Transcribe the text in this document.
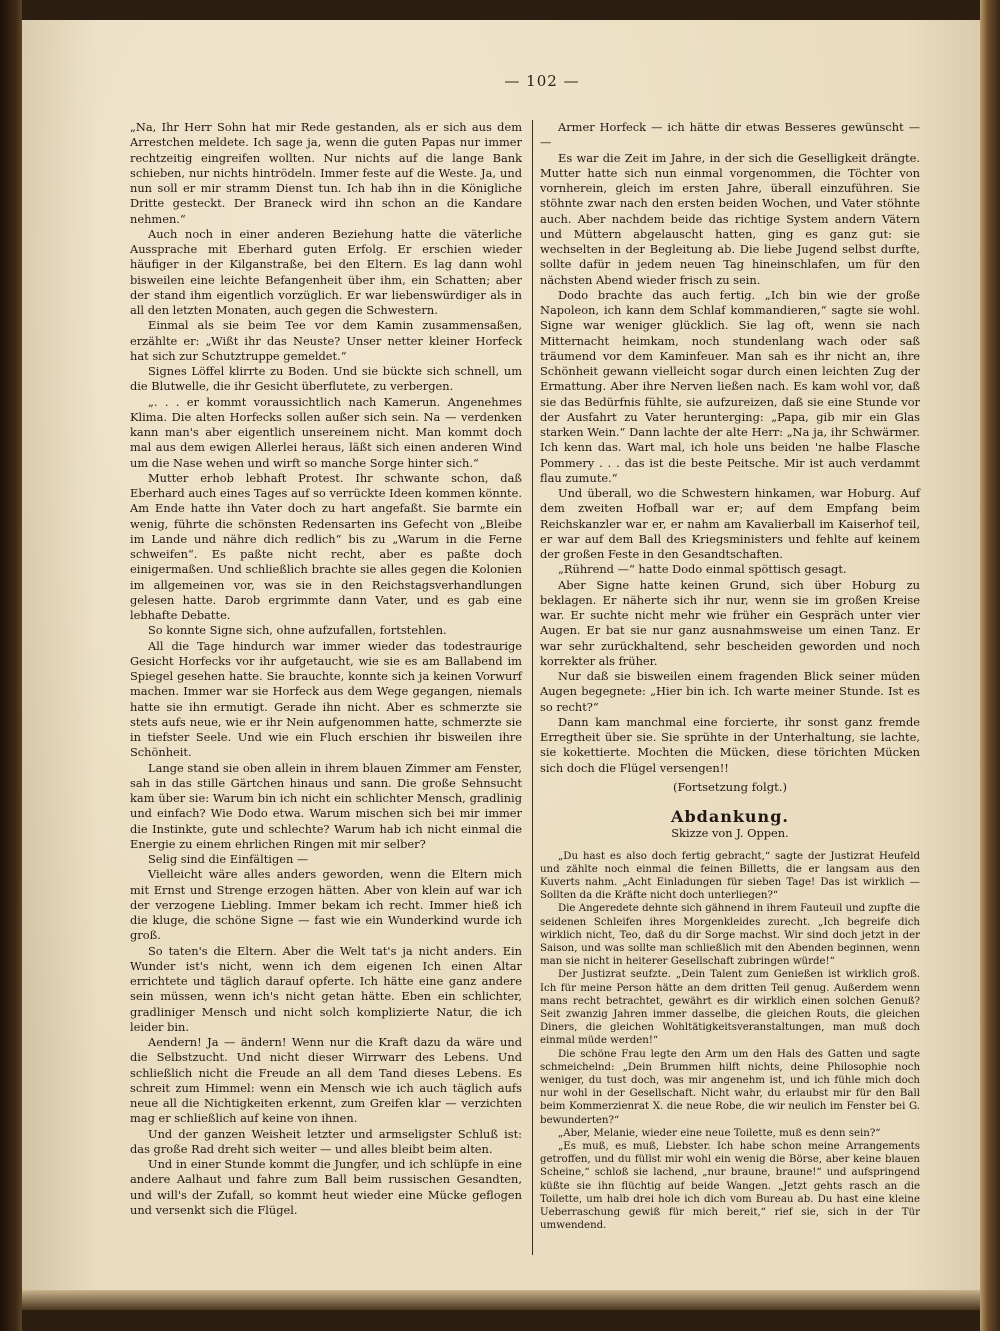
— 102 —

„Na, Ihr Herr Sohn hat mir Rede gestanden, als er sich aus dem Arrestchen meldete. Ich sage ja, wenn die guten Papas nur immer rechtzeitig eingreifen wollten. Nur nichts auf die lange Bank schieben, nur nichts hintrödeln. Immer feste auf die Weste. Ja, und nun soll er mir stramm Dienst tun. Ich hab ihn in die Königliche Dritte gesteckt. Der Braneck wird ihn schon an die Kandare nehmen.“

Auch noch in einer anderen Beziehung hatte die väterliche Aussprache mit Eberhard guten Erfolg. Er erschien wieder häufiger in der Kilganstraße, bei den Eltern. Es lag dann wohl bisweilen eine leichte Befangenheit über ihm, ein Schatten; aber der stand ihm eigentlich vorzüglich. Er war liebenswürdiger als in all den letzten Monaten, auch gegen die Schwestern.

Einmal als sie beim Tee vor dem Kamin zusammensaßen, erzählte er: „Wißt ihr das Neuste? Unser netter kleiner Horfeck hat sich zur Schutztruppe gemeldet.“

Signes Löffel klirrte zu Boden. Und sie bückte sich schnell, um die Blutwelle, die ihr Gesicht überflutete, zu verbergen.

„. . . er kommt voraussichtlich nach Kamerun. Angenehmes Klima. Die alten Horfecks sollen außer sich sein. Na — verdenken kann man's aber eigentlich unsereinem nicht. Man kommt doch mal aus dem ewigen Allerlei heraus, läßt sich einen anderen Wind um die Nase wehen und wirft so manche Sorge hinter sich.“

Mutter erhob lebhaft Protest. Ihr schwante schon, daß Eberhard auch eines Tages auf so verrückte Ideen kommen könnte. Am Ende hatte ihn Vater doch zu hart angefaßt. Sie barmte ein wenig, führte die schönsten Redensarten ins Gefecht von „Bleibe im Lande und nähre dich redlich“ bis zu „Warum in die Ferne schweifen“. Es paßte nicht recht, aber es paßte doch einigermaßen. Und schließlich brachte sie alles gegen die Kolonien im allgemeinen vor, was sie in den Reichstagsverhandlungen gelesen hatte. Darob ergrimmte dann Vater, und es gab eine lebhafte Debatte.

So konnte Signe sich, ohne aufzufallen, fortstehlen.

All die Tage hindurch war immer wieder das todestraurige Gesicht Horfecks vor ihr aufgetaucht, wie sie es am Ballabend im Spiegel gesehen hatte. Sie brauchte, konnte sich ja keinen Vorwurf machen. Immer war sie Horfeck aus dem Wege gegangen, niemals hatte sie ihn ermutigt. Gerade ihn nicht. Aber es schmerzte sie stets aufs neue, wie er ihr Nein aufgenommen hatte, schmerzte sie in tiefster Seele. Und wie ein Fluch erschien ihr bisweilen ihre Schönheit.

Lange stand sie oben allein in ihrem blauen Zimmer am Fenster, sah in das stille Gärtchen hinaus und sann. Die große Sehnsucht kam über sie: Warum bin ich nicht ein schlichter Mensch, gradlinig und einfach? Wie Dodo etwa. Warum mischen sich bei mir immer die Instinkte, gute und schlechte? Warum hab ich nicht einmal die Energie zu einem ehrlichen Ringen mit mir selber?

Selig sind die Einfältigen —

Vielleicht wäre alles anders geworden, wenn die Eltern mich mit Ernst und Strenge erzogen hätten. Aber von klein auf war ich der verzogene Liebling. Immer bekam ich recht. Immer hieß ich die kluge, die schöne Signe — fast wie ein Wunderkind wurde ich groß.

So taten's die Eltern. Aber die Welt tat's ja nicht anders. Ein Wunder ist's nicht, wenn ich dem eigenen Ich einen Altar errichtete und täglich darauf opferte. Ich hätte eine ganz andere sein müssen, wenn ich's nicht getan hätte. Eben ein schlichter, gradliniger Mensch und nicht solch komplizierte Natur, die ich leider bin.

Aendern! Ja — ändern! Wenn nur die Kraft dazu da wäre und die Selbstzucht. Und nicht dieser Wirrwarr des Lebens. Und schließlich nicht die Freude an all dem Tand dieses Lebens. Es schreit zum Himmel: wenn ein Mensch wie ich auch täglich aufs neue all die Nichtigkeiten erkennt, zum Greifen klar — verzichten mag er schließlich auf keine von ihnen.

Und der ganzen Weisheit letzter und armseligster Schluß ist: das große Rad dreht sich weiter — und alles bleibt beim alten.

Und in einer Stunde kommt die Jungfer, und ich schlüpfe in eine andere Aalhaut und fahre zum Ball beim russischen Gesandten, und will's der Zufall, so kommt heut wieder eine Mücke geflogen und versenkt sich die Flügel.

Armer Horfeck — ich hätte dir etwas Besseres gewünscht — —

Es war die Zeit im Jahre, in der sich die Geselligkeit drängte. Mutter hatte sich nun einmal vorgenommen, die Töchter von vornherein, gleich im ersten Jahre, überall einzuführen. Sie stöhnte zwar nach den ersten beiden Wochen, und Vater stöhnte auch. Aber nachdem beide das richtige System andern Vätern und Müttern abgelauscht hatten, ging es ganz gut: sie wechselten in der Begleitung ab. Die liebe Jugend selbst durfte, sollte dafür in jedem neuen Tag hineinschlafen, um für den nächsten Abend wieder frisch zu sein.

Dodo brachte das auch fertig. „Ich bin wie der große Napoleon, ich kann dem Schlaf kommandieren,“ sagte sie wohl. Signe war weniger glücklich. Sie lag oft, wenn sie nach Mitternacht heimkam, noch stundenlang wach oder saß träumend vor dem Kaminfeuer. Man sah es ihr nicht an, ihre Schönheit gewann vielleicht sogar durch einen leichten Zug der Ermattung. Aber ihre Nerven ließen nach. Es kam wohl vor, daß sie das Bedürfnis fühlte, sie aufzureizen, daß sie eine Stunde vor der Ausfahrt zu Vater herunterging: „Papa, gib mir ein Glas starken Wein.“ Dann lachte der alte Herr: „Na ja, ihr Schwärmer. Ich kenn das. Wart mal, ich hole uns beiden 'ne halbe Flasche Pommery . . . das ist die beste Peitsche. Mir ist auch verdammt flau zumute.“

Und überall, wo die Schwestern hinkamen, war Hoburg. Auf dem zweiten Hofball war er; auf dem Empfang beim Reichskanzler war er, er nahm am Kavalierball im Kaiserhof teil, er war auf dem Ball des Kriegsministers und fehlte auf keinem der großen Feste in den Gesandtschaften.

„Rührend —“ hatte Dodo einmal spöttisch gesagt.

Aber Signe hatte keinen Grund, sich über Hoburg zu beklagen. Er näherte sich ihr nur, wenn sie im großen Kreise war. Er suchte nicht mehr wie früher ein Gespräch unter vier Augen. Er bat sie nur ganz ausnahmsweise um einen Tanz. Er war sehr zurückhaltend, sehr bescheiden geworden und noch korrekter als früher.

Nur daß sie bisweilen einem fragenden Blick seiner müden Augen begegnete: „Hier bin ich. Ich warte meiner Stunde. Ist es so recht?“

Dann kam manchmal eine forcierte, ihr sonst ganz fremde Erregtheit über sie. Sie sprühte in der Unterhaltung, sie lachte, sie kokettierte. Mochten die Mücken, diese törichten Mücken sich doch die Flügel versengen!!

(Fortsetzung folgt.)

Abdankung.

Skizze von J. Oppen.

„Du hast es also doch fertig gebracht,“ sagte der Justizrat Heufeld und zählte noch einmal die feinen Billetts, die er langsam aus den Kuverts nahm. „Acht Einladungen für sieben Tage! Das ist wirklich — Sollten da die Kräfte nicht doch unterliegen?“

Die Angeredete dehnte sich gähnend in ihrem Fauteuil und zupfte die seidenen Schleifen ihres Morgenkleides zurecht. „Ich begreife dich wirklich nicht, Teo, daß du dir Sorge machst. Wir sind doch jetzt in der Saison, und was sollte man schließlich mit den Abenden beginnen, wenn man sie nicht in heiterer Gesellschaft zubringen würde!“

Der Justizrat seufzte. „Dein Talent zum Genießen ist wirklich groß. Ich für meine Person hätte an dem dritten Teil genug. Außerdem wenn mans recht betrachtet, gewährt es dir wirklich einen solchen Genuß? Seit zwanzig Jahren immer dasselbe, die gleichen Routs, die gleichen Diners, die gleichen Wohltätigkeitsveranstaltungen, man muß doch einmal müde werden!“

Die schöne Frau legte den Arm um den Hals des Gatten und sagte schmeichelnd: „Dein Brummen hilft nichts, deine Philosophie noch weniger, du tust doch, was mir angenehm ist, und ich fühle mich doch nur wohl in der Gesellschaft. Nicht wahr, du erlaubst mir für den Ball beim Kommerzienrat X. die neue Robe, die wir neulich im Fenster bei G. bewunderten?“

„Aber, Melanie, wieder eine neue Toilette, muß es denn sein?“

„Es muß, es muß, Liebster. Ich habe schon meine Arrangements getroffen, und du füllst mir wohl ein wenig die Börse, aber keine blauen Scheine,“ schloß sie lachend, „nur braune, braune!“ und aufspringend küßte sie ihn flüchtig auf beide Wangen. „Jetzt gehts rasch an die Toilette, um halb drei hole ich dich vom Bureau ab. Du hast eine kleine Ueberraschung gewiß für mich bereit,“ rief sie, sich in der Tür umwendend.
